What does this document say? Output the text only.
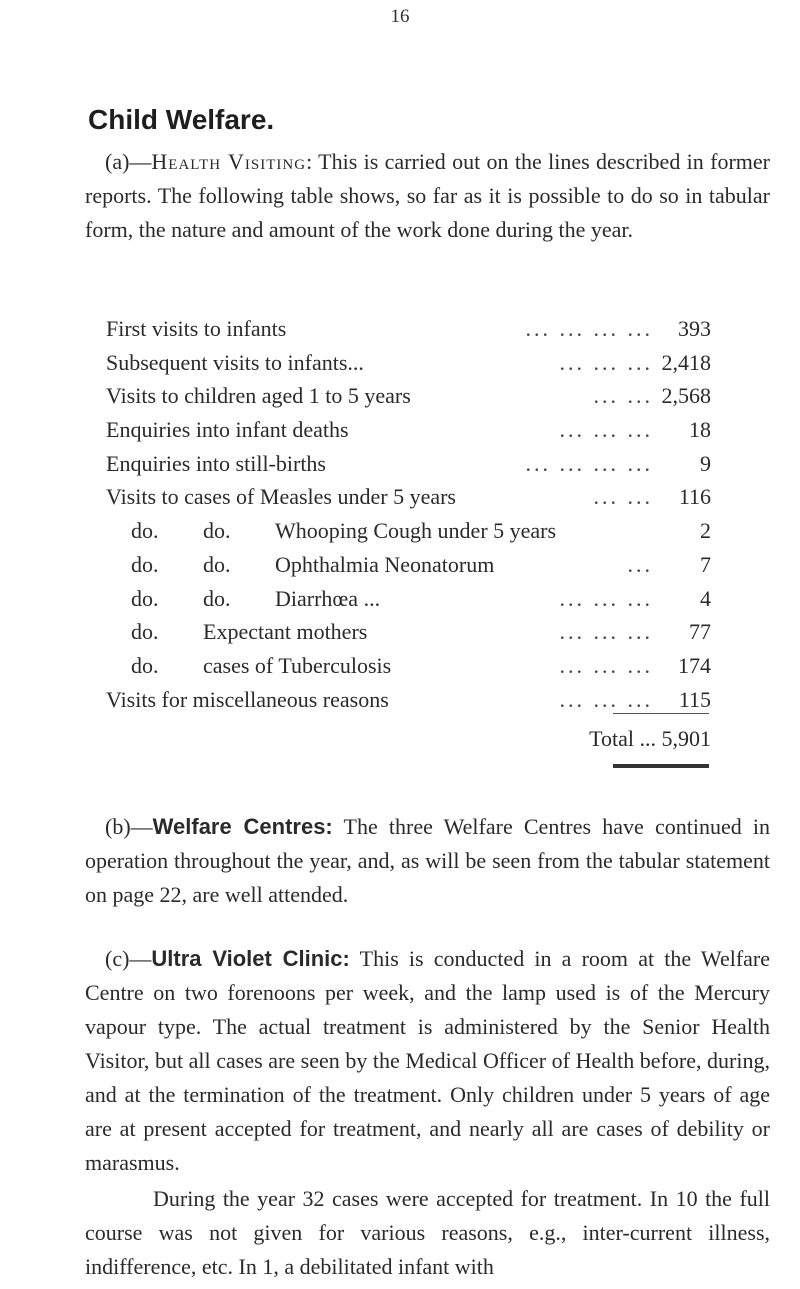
16
Child Welfare.

(a)—Health Visiting: This is carried out on the lines described in former reports. The following table shows, so far as it is possible to do so in tabular form, the nature and amount of the work done during the year.

First visits to infants	... ... ... ... 393
Subsequent visits to infants...	... ... ... 2,418
Visits to children aged 1 to 5 years	... ... 2,568
Enquiries into infant deaths	... ... ... 18
Enquiries into still-births	... ... ... ... 9
Visits to cases of Measles under 5 years	... ... 116
do. do. Whooping Cough under 5 years	2
do. do. Ophthalmia Neonatorum	... 7
do. do. Diarrhœa ...	... ... ... 4
do. Expectant mothers	... ... ... 77
do. cases of Tuberculosis	... ... ... 174
Visits for miscellaneous reasons	... ... ... 115
Total ... 5,901

(b)—Welfare Centres: The three Welfare Centres have continued in operation throughout the year, and, as will be seen from the tabular statement on page 22, are well attended.

(c)—Ultra Violet Clinic: This is conducted in a room at the Welfare Centre on two forenoons per week, and the lamp used is of the Mercury vapour type. The actual treatment is administered by the Senior Health Visitor, but all cases are seen by the Medical Officer of Health before, during, and at the termination of the treatment. Only children under 5 years of age are at present accepted for treatment, and nearly all are cases of debility or marasmus.

During the year 32 cases were accepted for treatment. In 10 the full course was not given for various reasons, e.g., inter-current illness, indifference, etc. In 1, a debilitated infant with
